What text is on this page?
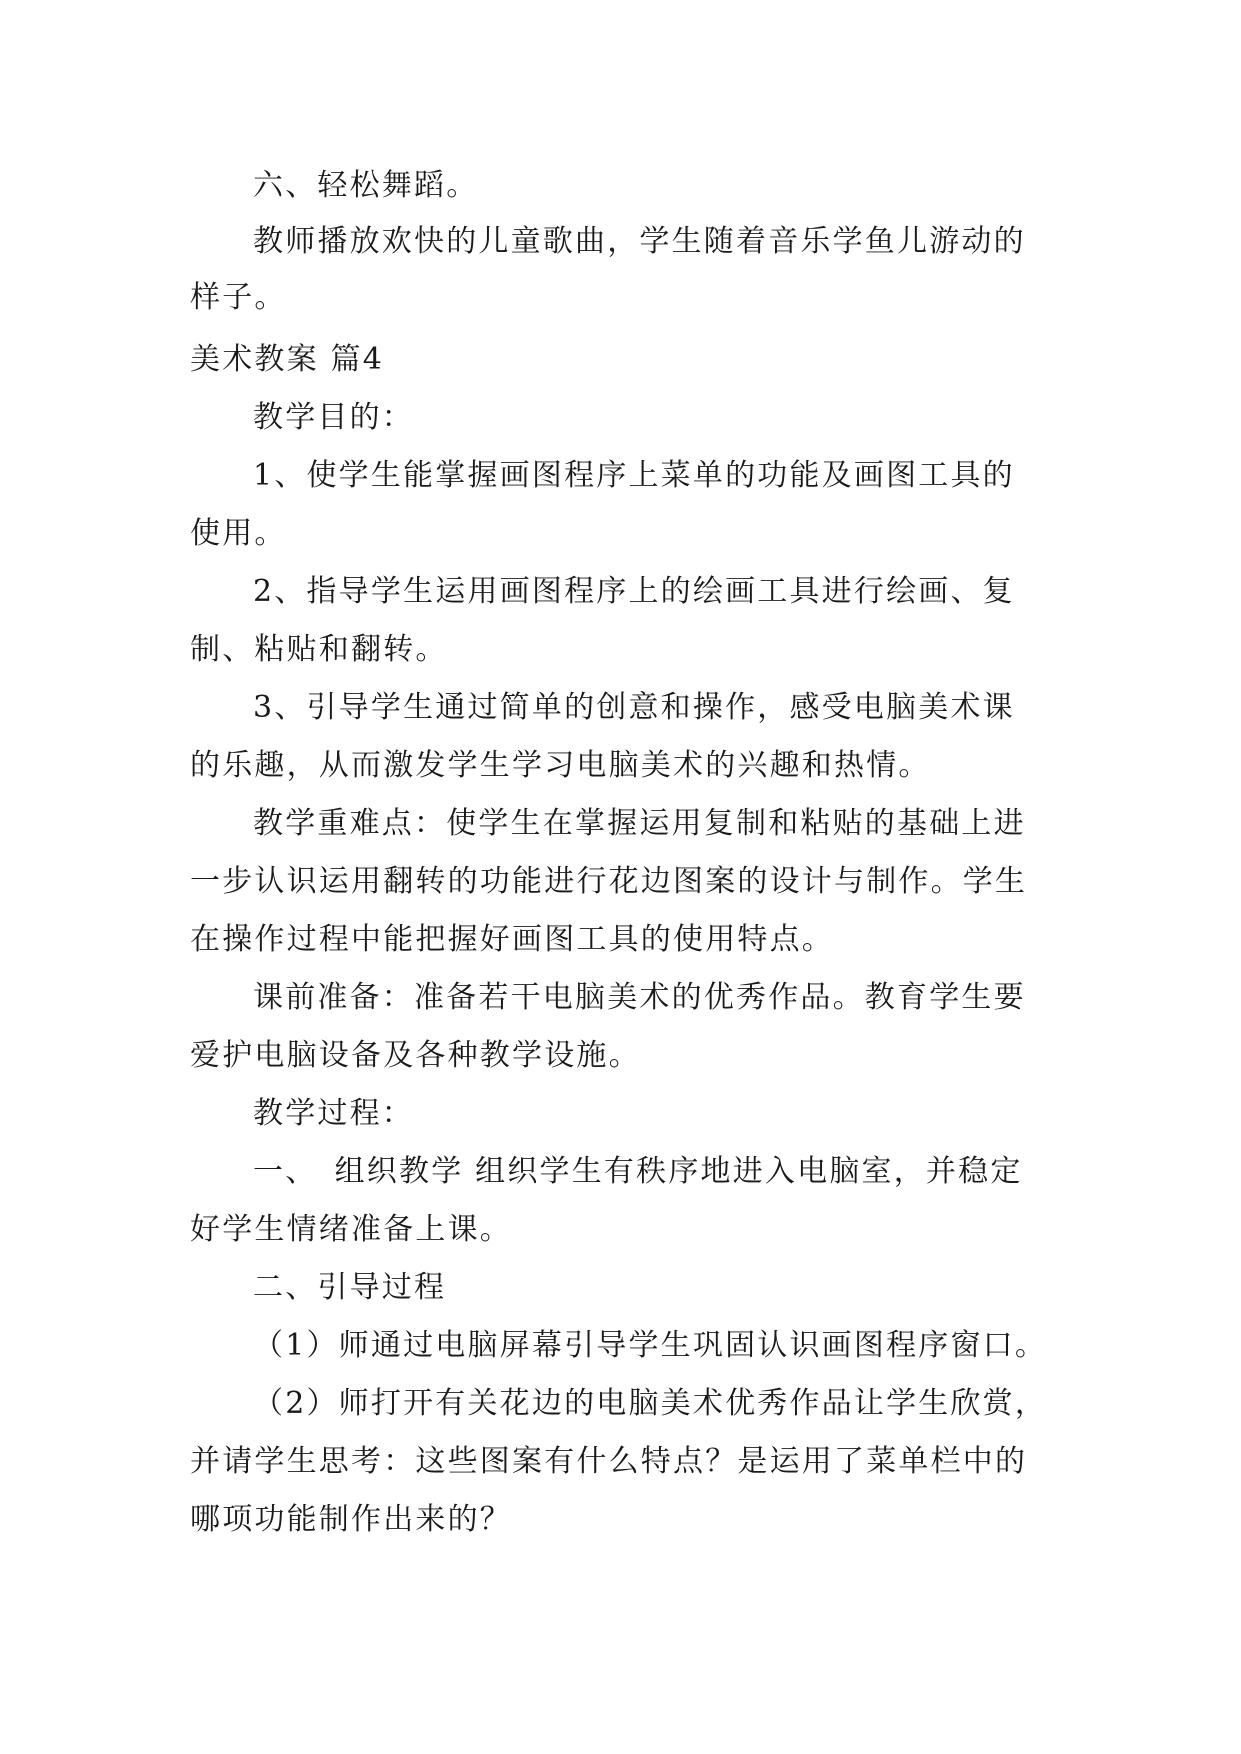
六、轻松舞蹈。
教师播放欢快的儿童歌曲，学生随着音乐学鱼儿游动的
样子。
美术教案 篇4
教学目的：
1、使学生能掌握画图程序上菜单的功能及画图工具的
使用。
2、指导学生运用画图程序上的绘画工具进行绘画、复
制、粘贴和翻转。
3、引导学生通过简单的创意和操作，感受电脑美术课
的乐趣，从而激发学生学习电脑美术的兴趣和热情。
教学重难点：使学生在掌握运用复制和粘贴的基础上进
一步认识运用翻转的功能进行花边图案的设计与制作。学生
在操作过程中能把握好画图工具的使用特点。
课前准备：准备若干电脑美术的优秀作品。教育学生要
爱护电脑设备及各种教学设施。
教学过程：
一、　组织教学 组织学生有秩序地进入电脑室，并稳定
好学生情绪准备上课。
二、引导过程
（1）师通过电脑屏幕引导学生巩固认识画图程序窗口。
（2）师打开有关花边的电脑美术优秀作品让学生欣赏，
并请学生思考：这些图案有什么特点？是运用了菜单栏中的
哪项功能制作出来的？
